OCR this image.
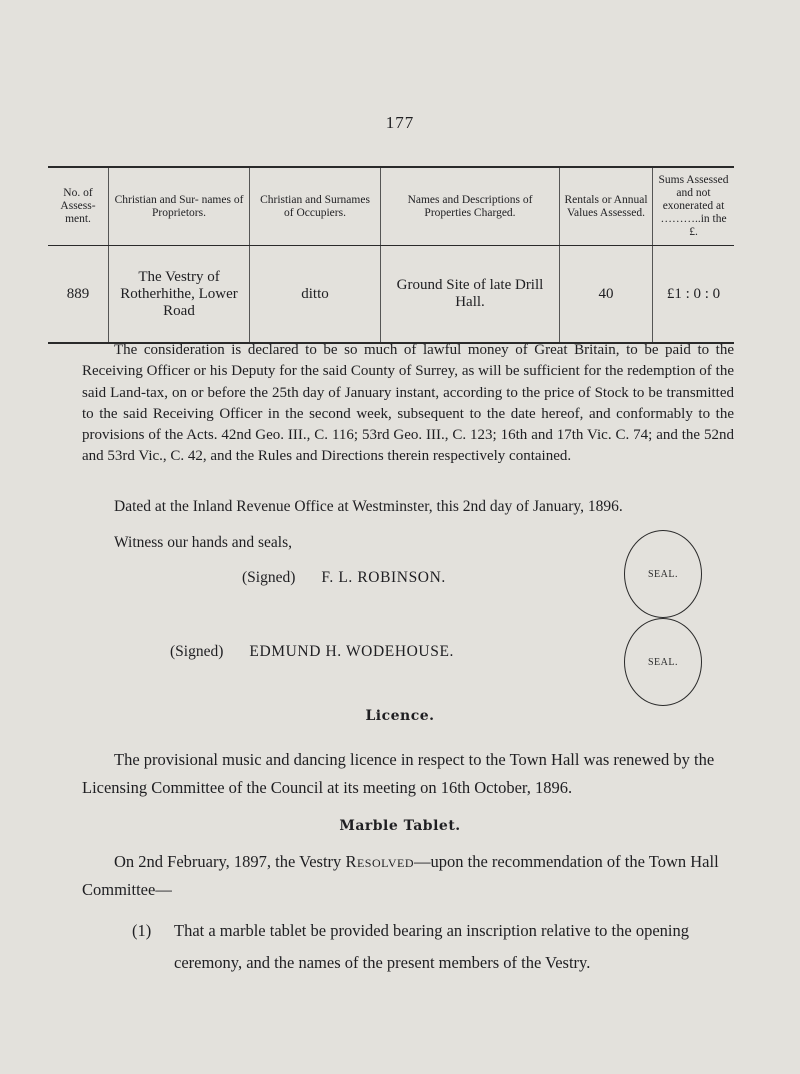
177
No. of Assess- ment.	Christian and Sur- names of Proprietors.	Christian and Surnames of Occupiers.	Names and Descriptions of Properties Charged.	Rentals or Annual Values Assessed.	Sums Assessed and not exonerated at ………..in the £.
889	The Vestry of Rotherhithe, Lower Road	ditto	Ground Site of late Drill Hall.	40	£1 : 0 : 0
The consideration is declared to be so much of lawful money of Great Britain, to be paid to the Receiving Officer or his Deputy for the said County of Surrey, as will be sufficient for the redemption of the said Land-tax, on or before the 25th day of January instant, according to the price of Stock to be transmitted to the said Receiving Officer in the second week, subsequent to the date hereof, and conformably to the provisions of the Acts. 42nd Geo. III., C. 116; 53rd Geo. III., C. 123; 16th and 17th Vic. C. 74; and the 52nd and 53rd Vic., C. 42, and the Rules and Directions therein respectively contained.
Dated at the Inland Revenue Office at Westminster, this 2nd day of January, 1896.
Witness our hands and seals,
(Signed) F. L. ROBINSON.	SEAL.
(Signed) EDMUND H. WODEHOUSE.
SEAL.
Licence.
The provisional music and dancing licence in respect to the Town Hall was renewed by the Licensing Committee of the Council at its meeting on 16th October, 1896.
Marble Tablet.
On 2nd February, 1897, the Vestry Resolved—upon the recommendation of the Town Hall Committee—
(1) That a marble tablet be provided bearing an inscription relative to the opening ceremony, and the names of the present members of the Vestry.
